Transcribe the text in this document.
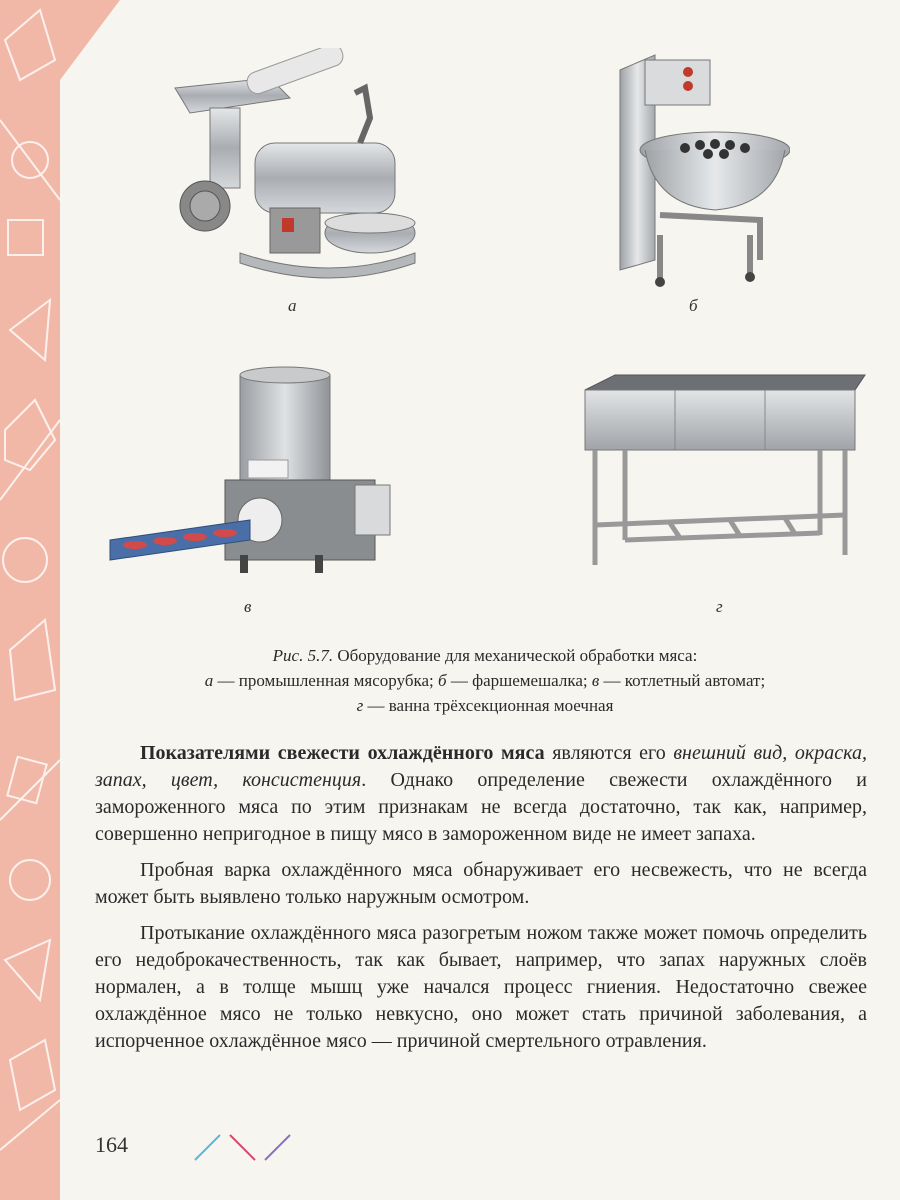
а	б
в	г
Рис. 5.7. Оборудование для механической обработки мяса:
а — промышленная мясорубка; б — фаршемешалка; в — котлетный автомат;
г — ванна трёхсекционная моечная

Показателями свежести охлаждённого мяса являются его внешний вид, окраска, запах, цвет, консистенция. Однако определение свежести охлаждённого и замороженного мяса по этим признакам не всегда достаточно, так как, например, совершенно непригодное в пищу мясо в замороженном виде не имеет запаха.

Пробная варка охлаждённого мяса обнаруживает его несвежесть, что не всегда может быть выявлено только наружным осмотром.

Протыкание охлаждённого мяса разогретым ножом также может помочь определить его недоброкачественность, так как бывает, например, что запах наружных слоёв нормален, а в толще мышц уже начался процесс гниения. Недостаточно свежее охлаждённое мясо не только невкусно, оно может стать причиной заболевания, а испорченное охлаждённое мясо — причиной смертельного отравления.

164
